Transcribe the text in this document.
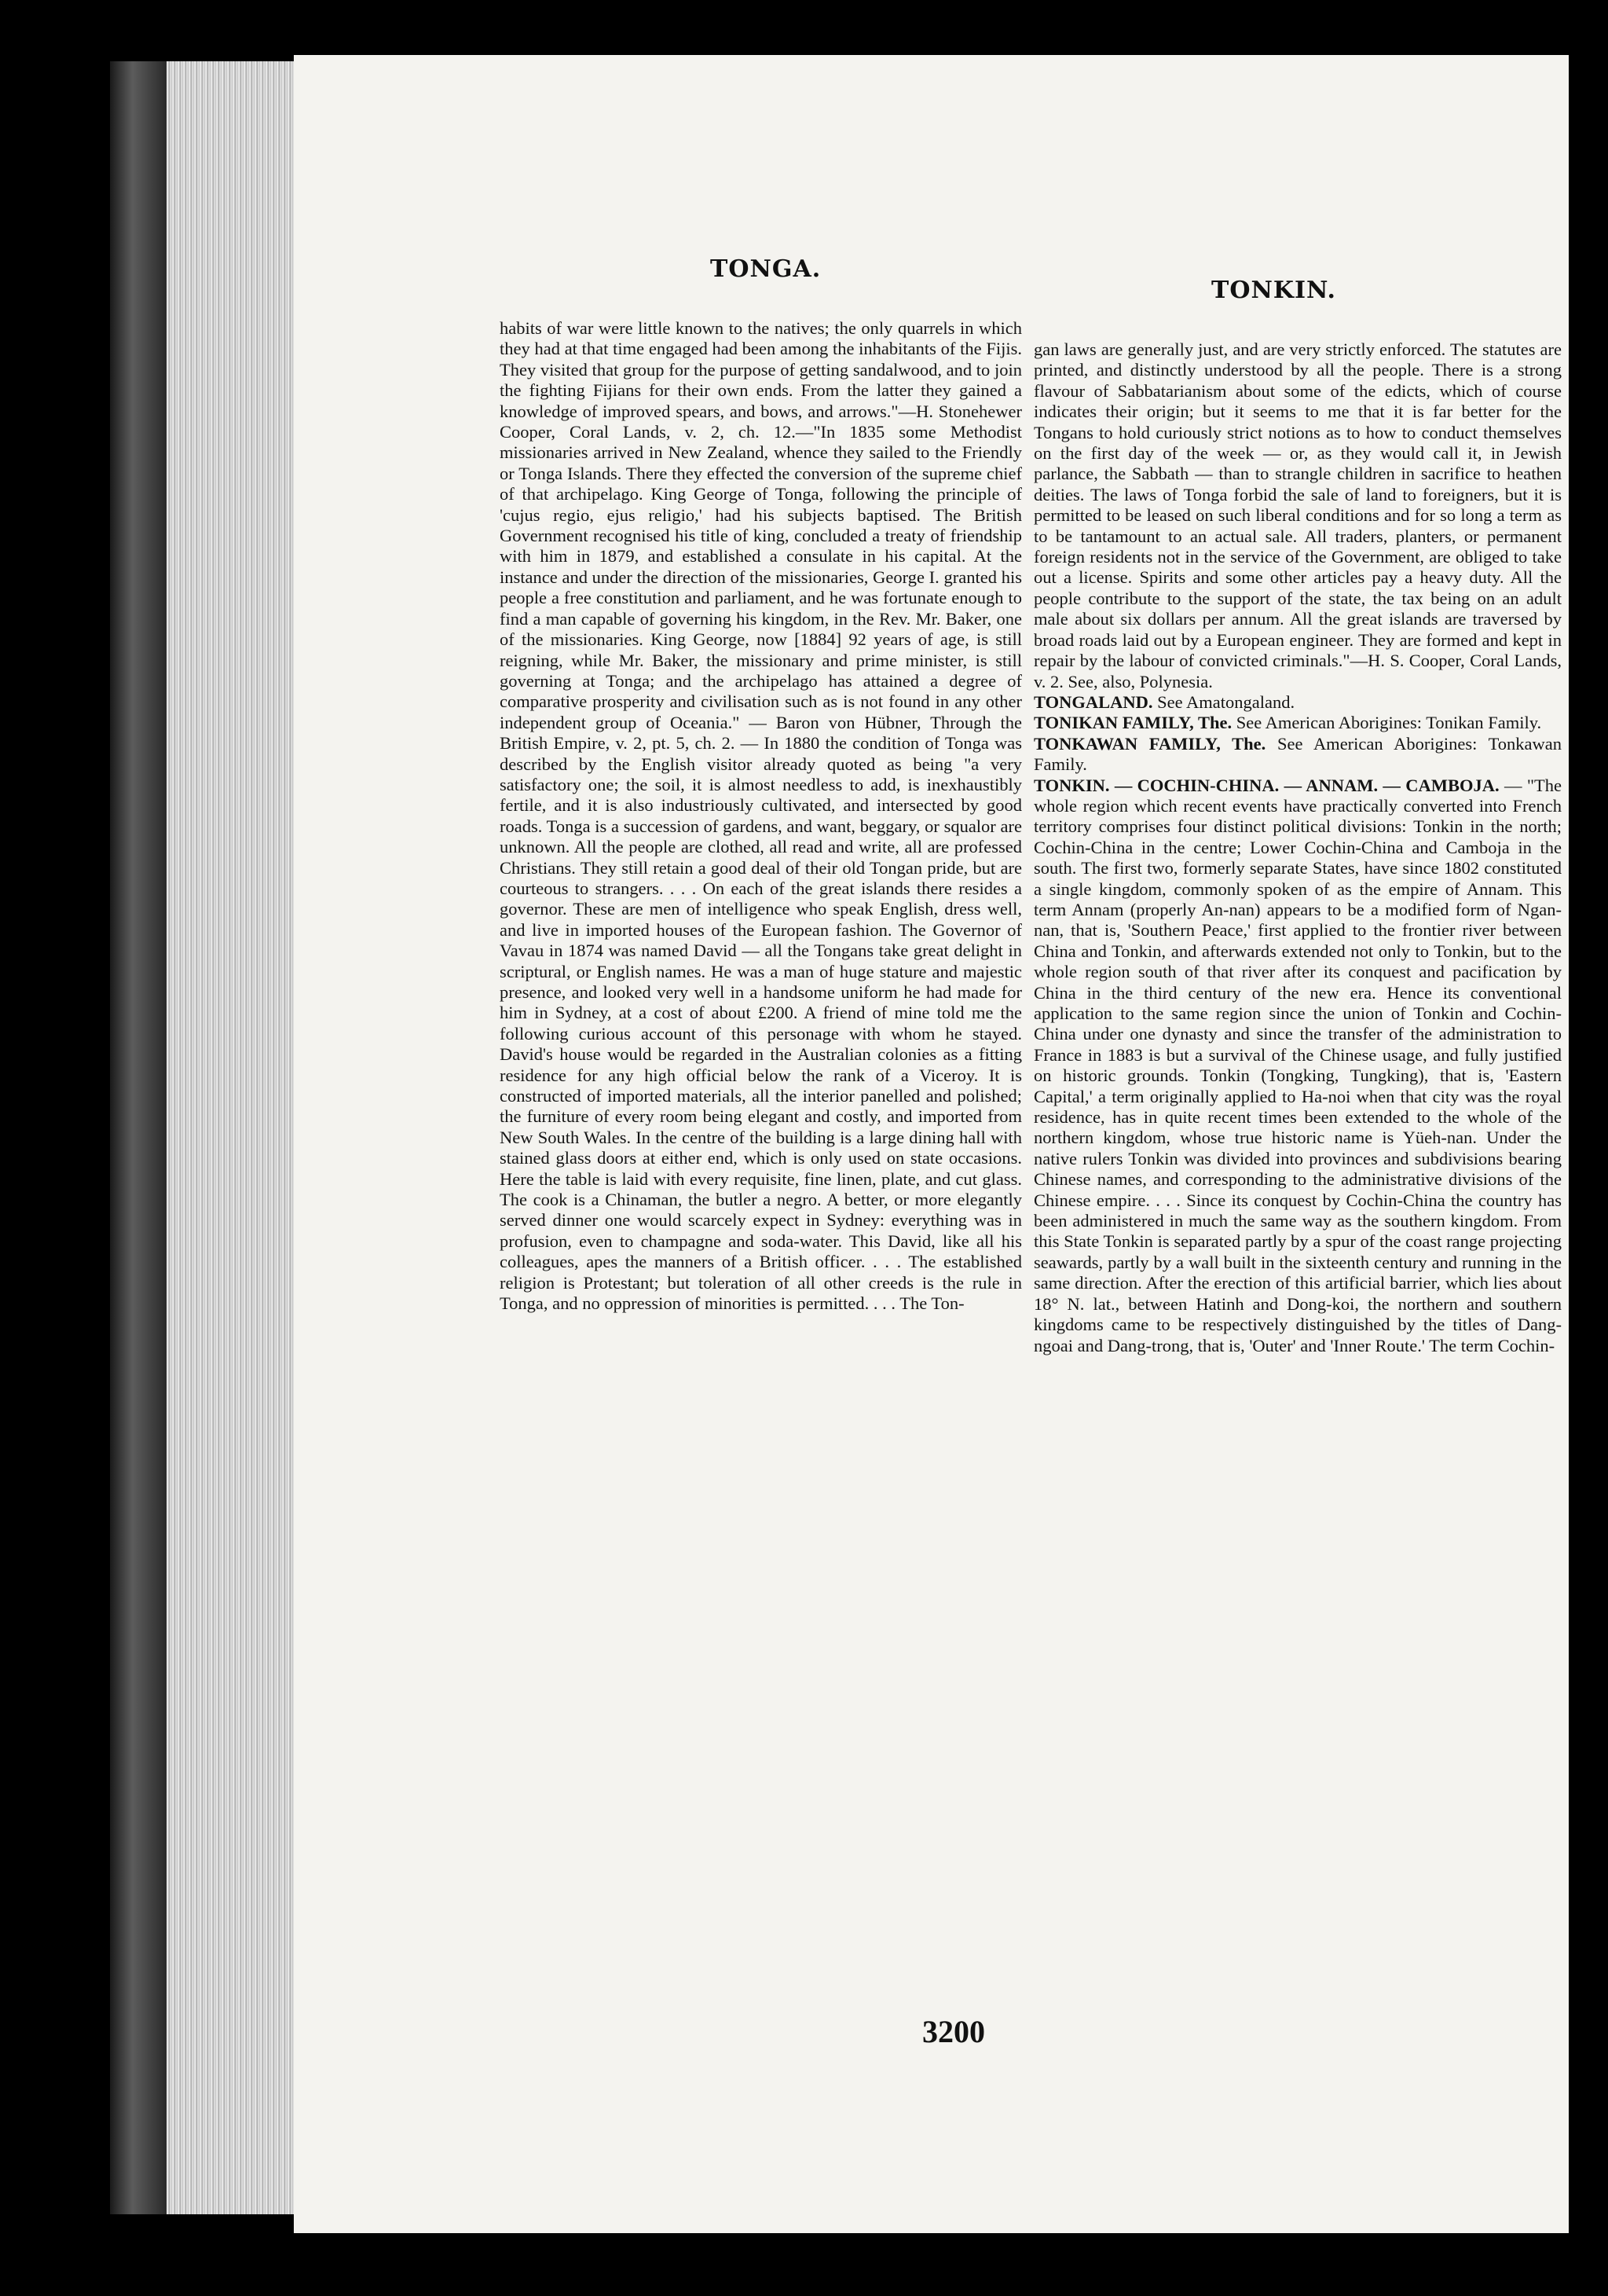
TONGA.
TONKIN.

habits of war were little known to the natives; the only quarrels in which they had at that time engaged had been among the inhabitants of the Fijis. They visited that group for the purpose of getting sandalwood, and to join the fighting Fijians for their own ends. From the latter they gained a knowledge of improved spears, and bows, and arrows."—H. Stonehewer Cooper, Coral Lands, v. 2, ch. 12.—"In 1835 some Methodist missionaries arrived in New Zealand, whence they sailed to the Friendly or Tonga Islands. There they effected the conversion of the supreme chief of that archipelago. King George of Tonga, following the principle of 'cujus regio, ejus religio,' had his subjects baptised. The British Government recognised his title of king, concluded a treaty of friendship with him in 1879, and established a consulate in his capital. At the instance and under the direction of the missionaries, George I. granted his people a free constitution and parliament, and he was fortunate enough to find a man capable of governing his kingdom, in the Rev. Mr. Baker, one of the missionaries. King George, now [1884] 92 years of age, is still reigning, while Mr. Baker, the missionary and prime minister, is still governing at Tonga; and the archipelago has attained a degree of comparative prosperity and civilisation such as is not found in any other independent group of Oceania." — Baron von Hübner, Through the British Empire, v. 2, pt. 5, ch. 2. — In 1880 the condition of Tonga was described by the English visitor already quoted as being "a very satisfactory one; the soil, it is almost needless to add, is inexhaustibly fertile, and it is also industriously cultivated, and intersected by good roads. Tonga is a succession of gardens, and want, beggary, or squalor are unknown. All the people are clothed, all read and write, all are professed Christians. They still retain a good deal of their old Tongan pride, but are courteous to strangers. . . . On each of the great islands there resides a governor. These are men of intelligence who speak English, dress well, and live in imported houses of the European fashion. The Governor of Vavau in 1874 was named David — all the Tongans take great delight in scriptural, or English names. He was a man of huge stature and majestic presence, and looked very well in a handsome uniform he had made for him in Sydney, at a cost of about £200. A friend of mine told me the following curious account of this personage with whom he stayed. David's house would be regarded in the Australian colonies as a fitting residence for any high official below the rank of a Viceroy. It is constructed of imported materials, all the interior panelled and polished; the furniture of every room being elegant and costly, and imported from New South Wales. In the centre of the building is a large dining hall with stained glass doors at either end, which is only used on state occasions. Here the table is laid with every requisite, fine linen, plate, and cut glass. The cook is a Chinaman, the butler a negro. A better, or more elegantly served dinner one would scarcely expect in Sydney: everything was in profusion, even to champagne and soda-water. This David, like all his colleagues, apes the manners of a British officer. . . . The established religion is Protestant; but toleration of all other creeds is the rule in Tonga, and no oppression of minorities is permitted. . . . The Ton-

gan laws are generally just, and are very strictly enforced. The statutes are printed, and distinctly understood by all the people. There is a strong flavour of Sabbatarianism about some of the edicts, which of course indicates their origin; but it seems to me that it is far better for the Tongans to hold curiously strict notions as to how to conduct themselves on the first day of the week — or, as they would call it, in Jewish parlance, the Sabbath — than to strangle children in sacrifice to heathen deities. The laws of Tonga forbid the sale of land to foreigners, but it is permitted to be leased on such liberal conditions and for so long a term as to be tantamount to an actual sale. All traders, planters, or permanent foreign residents not in the service of the Government, are obliged to take out a license. Spirits and some other articles pay a heavy duty. All the people contribute to the support of the state, the tax being on an adult male about six dollars per annum. All the great islands are traversed by broad roads laid out by a European engineer. They are formed and kept in repair by the labour of convicted criminals."—H. S. Cooper, Coral Lands, v. 2. See, also, Polynesia.

TONGALAND. See Amatongaland.

TONIKAN FAMILY, The. See American Aborigines: Tonikan Family.

TONKAWAN FAMILY, The. See American Aborigines: Tonkawan Family.

TONKIN. — COCHIN-CHINA. — ANNAM. — CAMBOJA. — "The whole region which recent events have practically converted into French territory comprises four distinct political divisions: Tonkin in the north; Cochin-China in the centre; Lower Cochin-China and Camboja in the south. The first two, formerly separate States, have since 1802 constituted a single kingdom, commonly spoken of as the empire of Annam. This term Annam (properly An-nan) appears to be a modified form of Ngan-nan, that is, 'Southern Peace,' first applied to the frontier river between China and Tonkin, and afterwards extended not only to Tonkin, but to the whole region south of that river after its conquest and pacification by China in the third century of the new era. Hence its conventional application to the same region since the union of Tonkin and Cochin-China under one dynasty and since the transfer of the administration to France in 1883 is but a survival of the Chinese usage, and fully justified on historic grounds. Tonkin (Tongking, Tungking), that is, 'Eastern Capital,' a term originally applied to Ha-noi when that city was the royal residence, has in quite recent times been extended to the whole of the northern kingdom, whose true historic name is Yüeh-nan. Under the native rulers Tonkin was divided into provinces and subdivisions bearing Chinese names, and corresponding to the administrative divisions of the Chinese empire. . . . Since its conquest by Cochin-China the country has been administered in much the same way as the southern kingdom. From this State Tonkin is separated partly by a spur of the coast range projecting seawards, partly by a wall built in the sixteenth century and running in the same direction. After the erection of this artificial barrier, which lies about 18° N. lat., between Hatinh and Dong-koi, the northern and southern kingdoms came to be respectively distinguished by the titles of Dang-ngoai and Dang-trong, that is, 'Outer' and 'Inner Route.' The term Cochin-

3200
